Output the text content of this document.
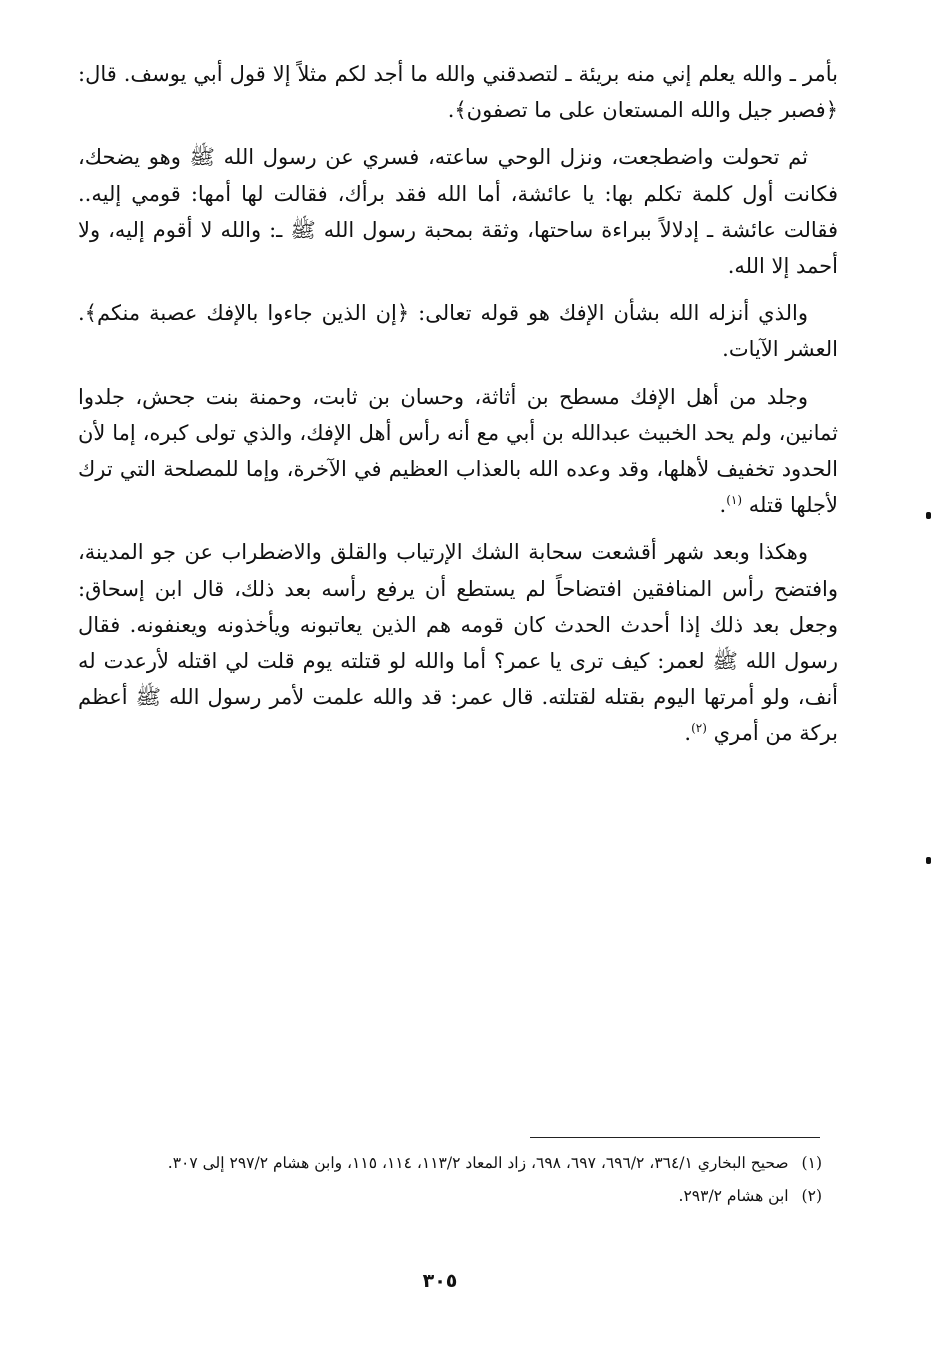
بأمر ـ والله يعلم إني منه بريئة ـ لتصدقني والله ما أجد لكم مثلاً إلا قول أبي يوسف. قال: ﴿فصبر جيل والله المستعان على ما تصفون﴾.

ثم تحولت واضطجعت، ونزل الوحي ساعته، فسري عن رسول الله ﷺ وهو يضحك، فكانت أول كلمة تكلم بها: يا عائشة، أما الله فقد برأك، فقالت لها أمها: قومي إليه.. فقالت عائشة ـ إدلالاً ببراءة ساحتها، وثقة بمحبة رسول الله ﷺ ـ: والله لا أقوم إليه، ولا أحمد إلا الله.

والذي أنزله الله بشأن الإفك هو قوله تعالى: ﴿إن الذين جاءوا بالإفك عصبة منكم﴾. العشر الآيات.

وجلد من أهل الإفك مسطح بن أثاثة، وحسان بن ثابت، وحمنة بنت جحش، جلدوا ثمانين، ولم يحد الخبيث عبدالله بن أبي مع أنه رأس أهل الإفك، والذي تولى كبره، إما لأن الحدود تخفيف لأهلها، وقد وعده الله بالعذاب العظيم في الآخرة، وإما للمصلحة التي ترك لأجلها قتله $^{(١)}$.

وهكذا وبعد شهر أقشعت سحابة الشك الإرتياب والقلق والاضطراب عن جو المدينة، وافتضح رأس المنافقين افتضاحاً لم يستطع أن يرفع رأسه بعد ذلك، قال ابن إسحاق: وجعل بعد ذلك إذا أحدث الحدث كان قومه هم الذين يعاتبونه ويأخذونه ويعنفونه. فقال رسول الله ﷺ لعمر: كيف ترى يا عمر؟ أما والله لو قتلته يوم قلت لي اقتله لأرعدت له أنف، ولو أمرتها اليوم بقتله لقتلته. قال عمر: قد والله علمت لأمر رسول الله ﷺ أعظم بركة من أمري $^{(٢)}$.

(١) صحيح البخاري ٣٦٤/١، ٦٩٦/٢، ٦٩٧، ٦٩٨، زاد المعاد ١١٣/٢، ١١٤، ١١٥، وابن هشام ٢٩٧/٢ إلى ٣٠٧.

(٢) ابن هشام ٢٩٣/٢.

٣٠٥
